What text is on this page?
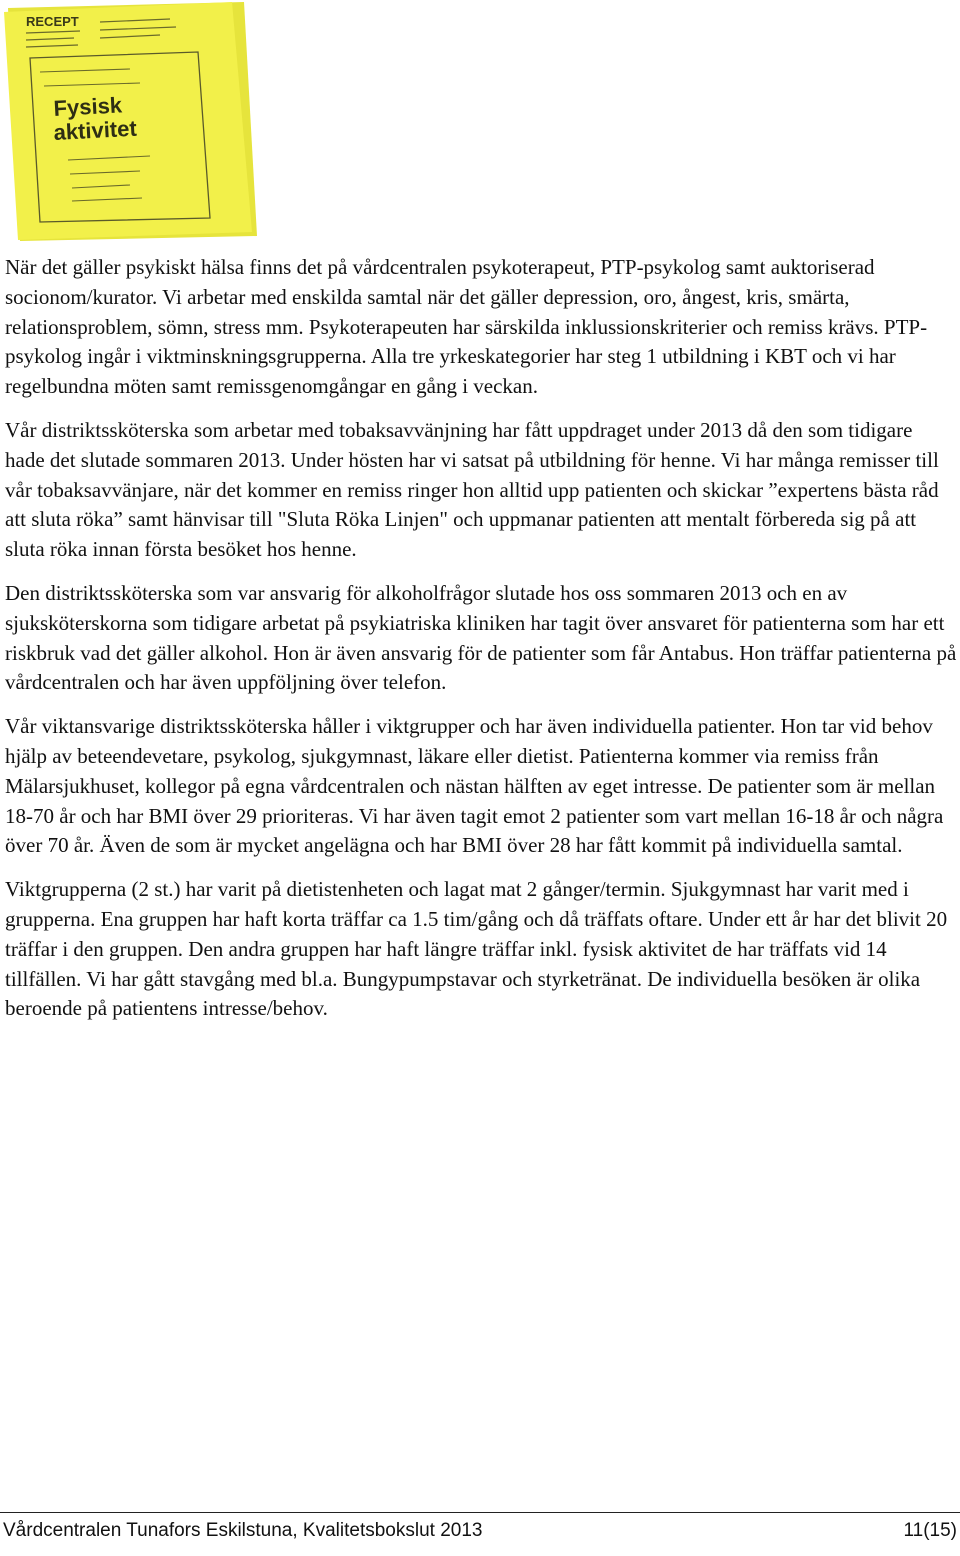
RECEPT
Fysisk
aktivitet

När det gäller psykiskt hälsa finns det på vårdcentralen psykoterapeut, PTP-psykolog samt auktoriserad socionom/kurator. Vi arbetar med enskilda samtal när det gäller depression, oro, ångest, kris, smärta, relationsproblem, sömn, stress mm. Psykoterapeuten har särskilda inklussionskriterier och remiss krävs. PTP-psykolog ingår i viktminskningsgrupperna. Alla tre yrkeskategorier har steg 1 utbildning i KBT och vi har regelbundna möten samt remissgenomgångar en gång i veckan.

Vår distriktssköterska som arbetar med tobaksavvänjning har fått uppdraget under 2013 då den som tidigare hade det slutade sommaren 2013. Under hösten har vi satsat på utbildning för henne. Vi har många remisser till vår tobaksavvänjare, när det kommer en remiss ringer hon alltid upp patienten och skickar ”expertens bästa råd att sluta röka” samt hänvisar till "Sluta Röka Linjen" och uppmanar patienten att mentalt förbereda sig på att sluta röka innan första besöket hos henne.

Den distriktssköterska som var ansvarig för alkoholfrågor slutade hos oss sommaren 2013 och en av sjuksköterskorna som tidigare arbetat på psykiatriska kliniken har tagit över ansvaret för patienterna som har ett riskbruk vad det gäller alkohol. Hon är även ansvarig för de patienter som får Antabus. Hon träffar patienterna på vårdcentralen och har även uppföljning över telefon.

Vår viktansvarige distriktssköterska håller i viktgrupper och har även individuella patienter. Hon tar vid behov hjälp av beteendevetare, psykolog, sjukgymnast, läkare eller dietist. Patienterna kommer via remiss från Mälarsjukhuset, kollegor på egna vårdcentralen och nästan hälften av eget intresse. De patienter som är mellan 18-70 år och har BMI över 29 prioriteras. Vi har även tagit emot 2 patienter som vart mellan 16-18 år och några över 70 år. Även de som är mycket angelägna och har BMI över 28 har fått kommit på individuella samtal.

Viktgrupperna (2 st.) har varit på dietistenheten och lagat mat 2 gånger/termin. Sjukgymnast har varit med i grupperna. Ena gruppen har haft korta träffar ca 1.5 tim/gång och då träffats oftare. Under ett år har det blivit 20 träffar i den gruppen. Den andra gruppen har haft längre träffar inkl. fysisk aktivitet de har träffats vid 14 tillfällen. Vi har gått stavgång med bl.a. Bungypumpstavar och styrketränat. De individuella besöken är olika beroende på patientens intresse/behov.

Vårdcentralen Tunafors Eskilstuna, Kvalitetsbokslut 2013	11(15)
